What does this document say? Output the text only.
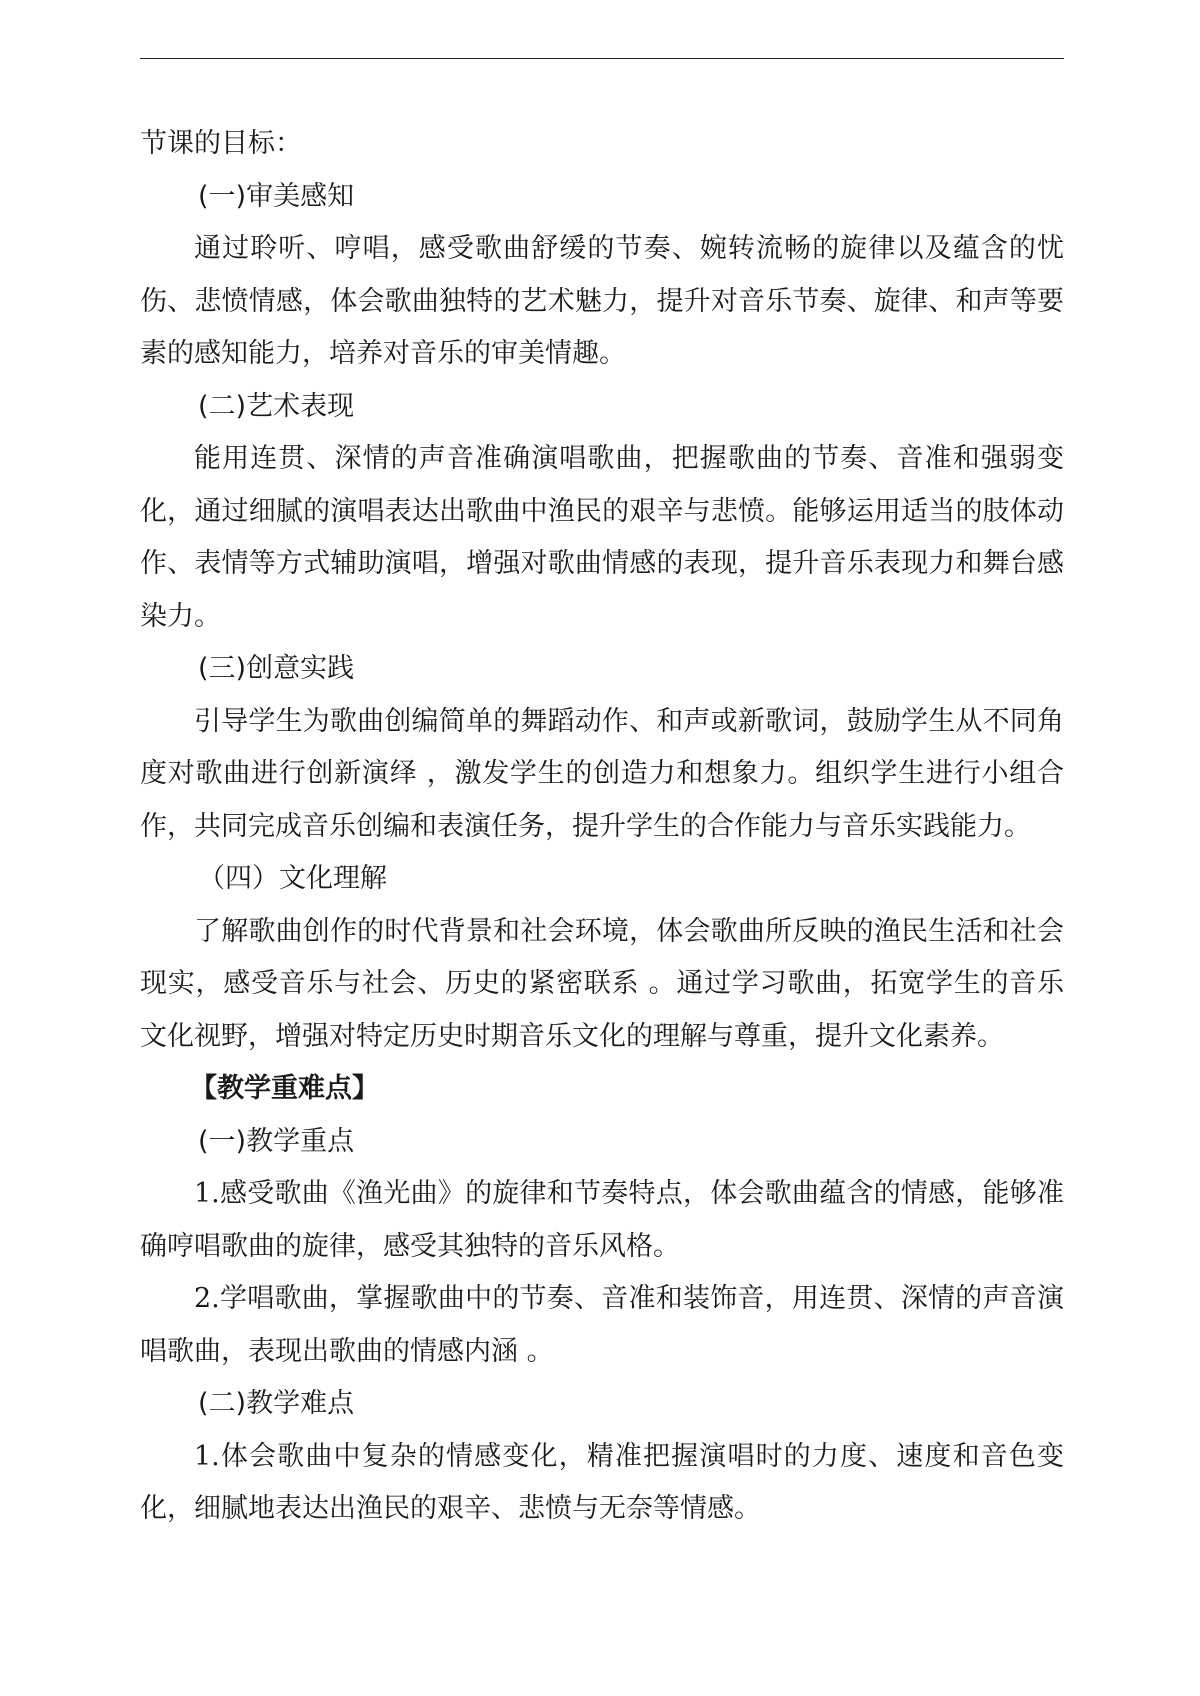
节课的目标：

(一)审美感知

通过聆听、哼唱，感受歌曲舒缓的节奏、婉转流畅的旋律以及蕴含的忧伤、悲愤情感，体会歌曲独特的艺术魅力，提升对音乐节奏、旋律、和声等要素的感知能力，培养对音乐的审美情趣。

(二)艺术表现

能用连贯、深情的声音准确演唱歌曲，把握歌曲的节奏、音准和强弱变化，通过细腻的演唱表达出歌曲中渔民的艰辛与悲愤。能够运用适当的肢体动作、表情等方式辅助演唱，增强对歌曲情感的表现，提升音乐表现力和舞台感染力。

(三)创意实践

引导学生为歌曲创编简单的舞蹈动作、和声或新歌词，鼓励学生从不同角度对歌曲进行创新演绎 ，激发学生的创造力和想象力。组织学生进行小组合作，共同完成音乐创编和表演任务，提升学生的合作能力与音乐实践能力。

（四）文化理解

了解歌曲创作的时代背景和社会环境，体会歌曲所反映的渔民生活和社会现实，感受音乐与社会、历史的紧密联系 。通过学习歌曲，拓宽学生的音乐文化视野，增强对特定历史时期音乐文化的理解与尊重，提升文化素养。

【教学重难点】

(一)教学重点

1.感受歌曲《渔光曲》的旋律和节奏特点，体会歌曲蕴含的情感，能够准确哼唱歌曲的旋律，感受其独特的音乐风格。

2.学唱歌曲，掌握歌曲中的节奏、音准和装饰音，用连贯、深情的声音演唱歌曲，表现出歌曲的情感内涵 。

(二)教学难点

1.体会歌曲中复杂的情感变化，精准把握演唱时的力度、速度和音色变化，细腻地表达出渔民的艰辛、悲愤与无奈等情感。
